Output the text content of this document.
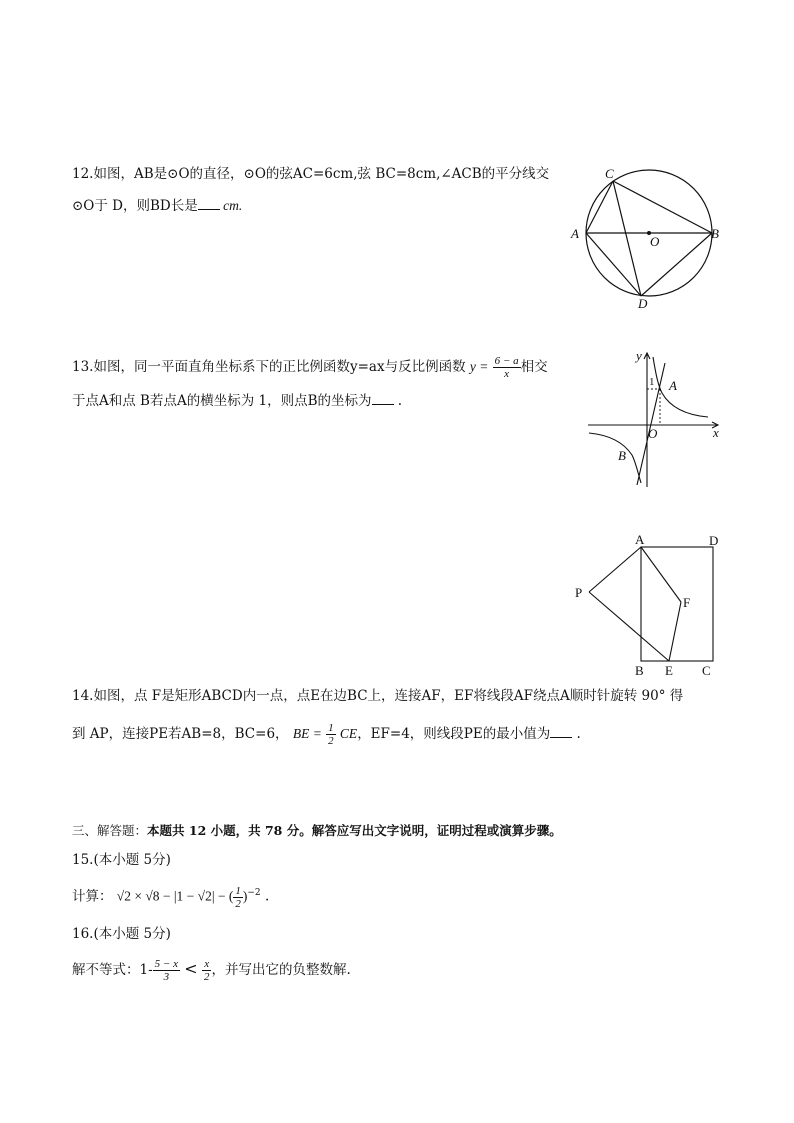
12.如图，AB是⊙O的直径，⊙O的弦AC=6cm,弦 BC=8cm,∠ACB的平分线交
⊙O于 D，则BD长是 cm.
C
A
O
B
D
13.如图，同一平面直角坐标系下的正比例函数y=ax与反比例函数 $y = \frac{6 - a}{x}$ 相交
于点A和点 B若点A的横坐标为 1，则点B的坐标为 .
y
x
O
A
B
1
A	D
P
F
B E C
14.如图，点 F是矩形ABCD内一点，点E在边BC上，连接AF，EF将线段AF绕点A顺时针旋转 90° 得
到 AP，连接PE若AB=8，BC=6， BE = $\frac{1}{2}$ CE，EF=4，则线段PE的最小值为 .
三、解答题：本题共 12 小题，共 78 分。解答应写出文字说明，证明过程或演算步骤。
15.(本小题 5分)
计算： √2 × √8 − |1 − √2| − ( $\frac{1}{2} )^{-2}$ .
16.(本小题 5分)
解不等式：$1- \frac{5 - x}{3} < \frac{x}{2}$ ，并写出它的负整数解.
